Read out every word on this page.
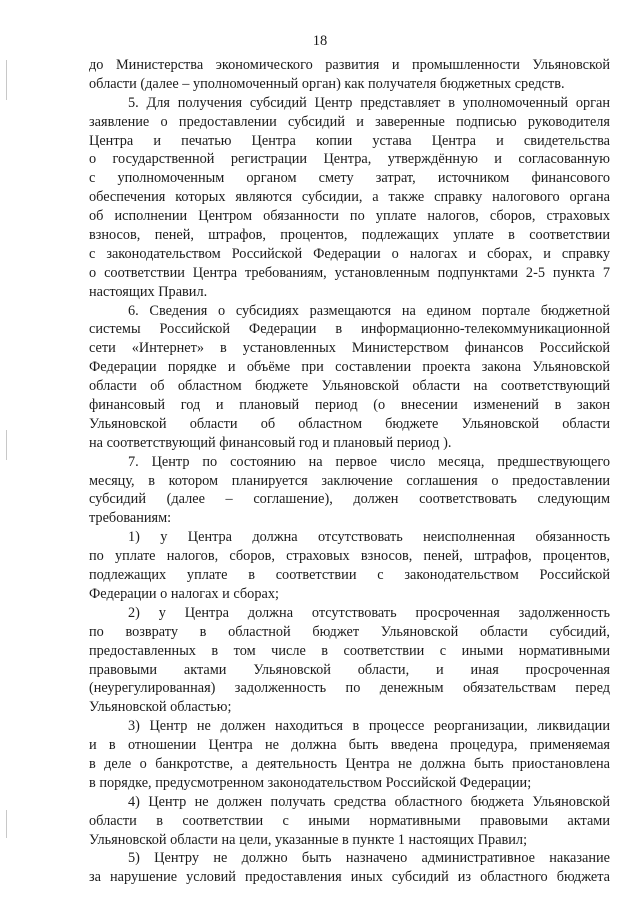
18
до Министерства экономического развития и промышленности Ульяновской
области (далее – уполномоченный орган) как получателя бюджетных средств.
5. Для получения субсидий Центр представляет в уполномоченный орган
заявление о предоставлении субсидий и заверенные подписью руководителя
Центра и печатью Центра копии устава Центра и свидетельства
о государственной регистрации Центра, утверждённую и согласованную
с уполномоченным органом смету затрат, источником финансового
обеспечения которых являются субсидии, а также справку налогового органа
об исполнении Центром обязанности по уплате налогов, сборов, страховых
взносов, пеней, штрафов, процентов, подлежащих уплате в соответствии
с законодательством Российской Федерации о налогах и сборах, и справку
о соответствии Центра требованиям, установленным подпунктами 2-5 пункта 7
настоящих Правил.
6. Сведения о субсидиях размещаются на едином портале бюджетной
системы Российской Федерации в информационно-телекоммуникационной
сети «Интернет» в установленных Министерством финансов Российской
Федерации порядке и объёме при составлении проекта закона Ульяновской
области об областном бюджете Ульяновской области на соответствующий
финансовый год и плановый период (о внесении изменений в закон
Ульяновской области об областном бюджете Ульяновской области
на соответствующий финансовый год и плановый период ).
7. Центр по состоянию на первое число месяца, предшествующего
месяцу, в котором планируется заключение соглашения о предоставлении
субсидий (далее – соглашение), должен соответствовать следующим
требованиям:
1) у Центра должна отсутствовать неисполненная обязанность
по уплате налогов, сборов, страховых взносов, пеней, штрафов, процентов,
подлежащих уплате в соответствии с законодательством Российской
Федерации о налогах и сборах;
2) у Центра должна отсутствовать просроченная задолженность
по возврату в областной бюджет Ульяновской области субсидий,
предоставленных в том числе в соответствии с иными нормативными
правовыми актами Ульяновской области, и иная просроченная
(неурегулированная) задолженность по денежным обязательствам перед
Ульяновской областью;
3) Центр не должен находиться в процессе реорганизации, ликвидации
и в отношении Центра не должна быть введена процедура, применяемая
в деле о банкротстве, а деятельность Центра не должна быть приостановлена
в порядке, предусмотренном законодательством Российской Федерации;
4) Центр не должен получать средства областного бюджета Ульяновской
области в соответствии с иными нормативными правовыми актами
Ульяновской области на цели, указанные в пункте 1 настоящих Правил;
5) Центру не должно быть назначено административное наказание
за нарушение условий предоставления иных субсидий из областного бюджета
